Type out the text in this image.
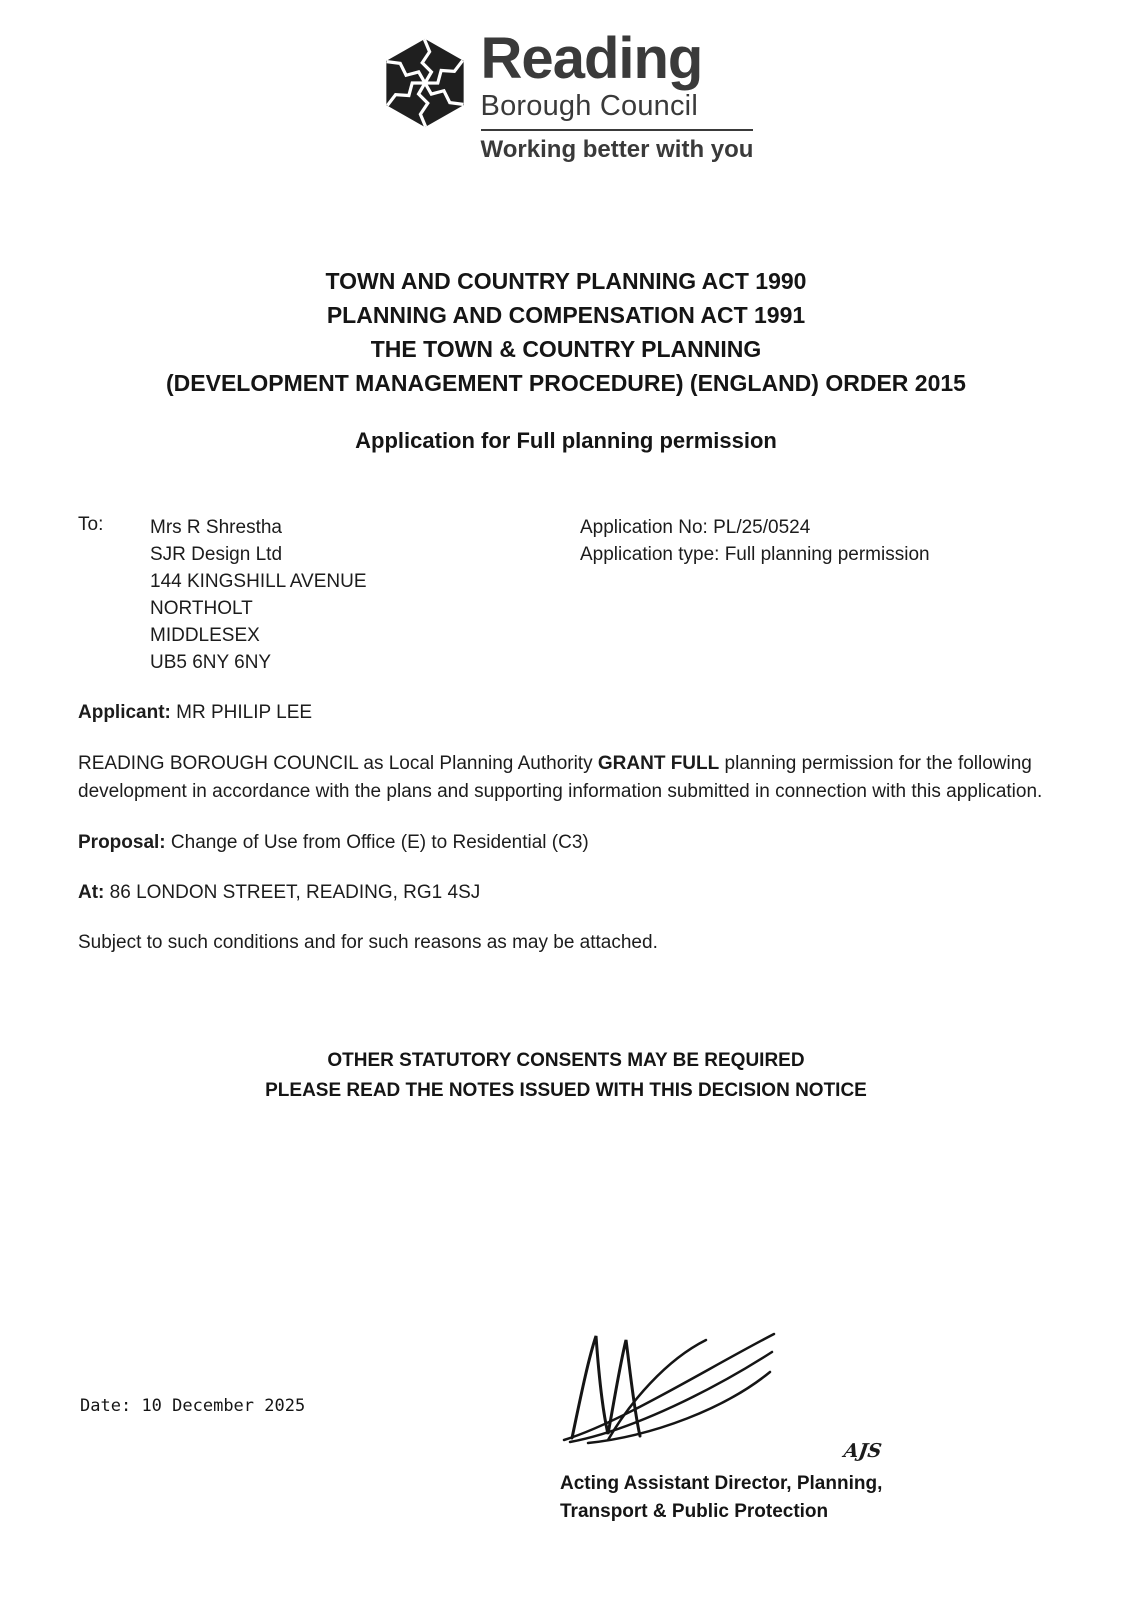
Reading
Borough Council
Working better with you
TOWN AND COUNTRY PLANNING ACT 1990
PLANNING AND COMPENSATION ACT 1991
THE TOWN & COUNTRY PLANNING
(DEVELOPMENT MANAGEMENT PROCEDURE) (ENGLAND) ORDER 2015
Application for Full planning permission
To:	Mrs R Shrestha
SJR Design Ltd
144 KINGSHILL AVENUE
NORTHOLT
MIDDLESEX
UB5 6NY 6NY
Application No: PL/25/0524
Application type: Full planning permission
Applicant: MR PHILIP LEE

READING BOROUGH COUNCIL as Local Planning Authority GRANT FULL planning permission for the following development in accordance with the plans and supporting information submitted in connection with this application.

Proposal: Change of Use from Office (E) to Residential (C3)
At: 86 LONDON STREET, READING, RG1 4SJ
Subject to such conditions and for such reasons as may be attached.
OTHER STATUTORY CONSENTS MAY BE REQUIRED
PLEASE READ THE NOTES ISSUED WITH THIS DECISION NOTICE
Date: 10 December 2025
AJS
Acting Assistant Director, Planning,
Transport & Public Protection
